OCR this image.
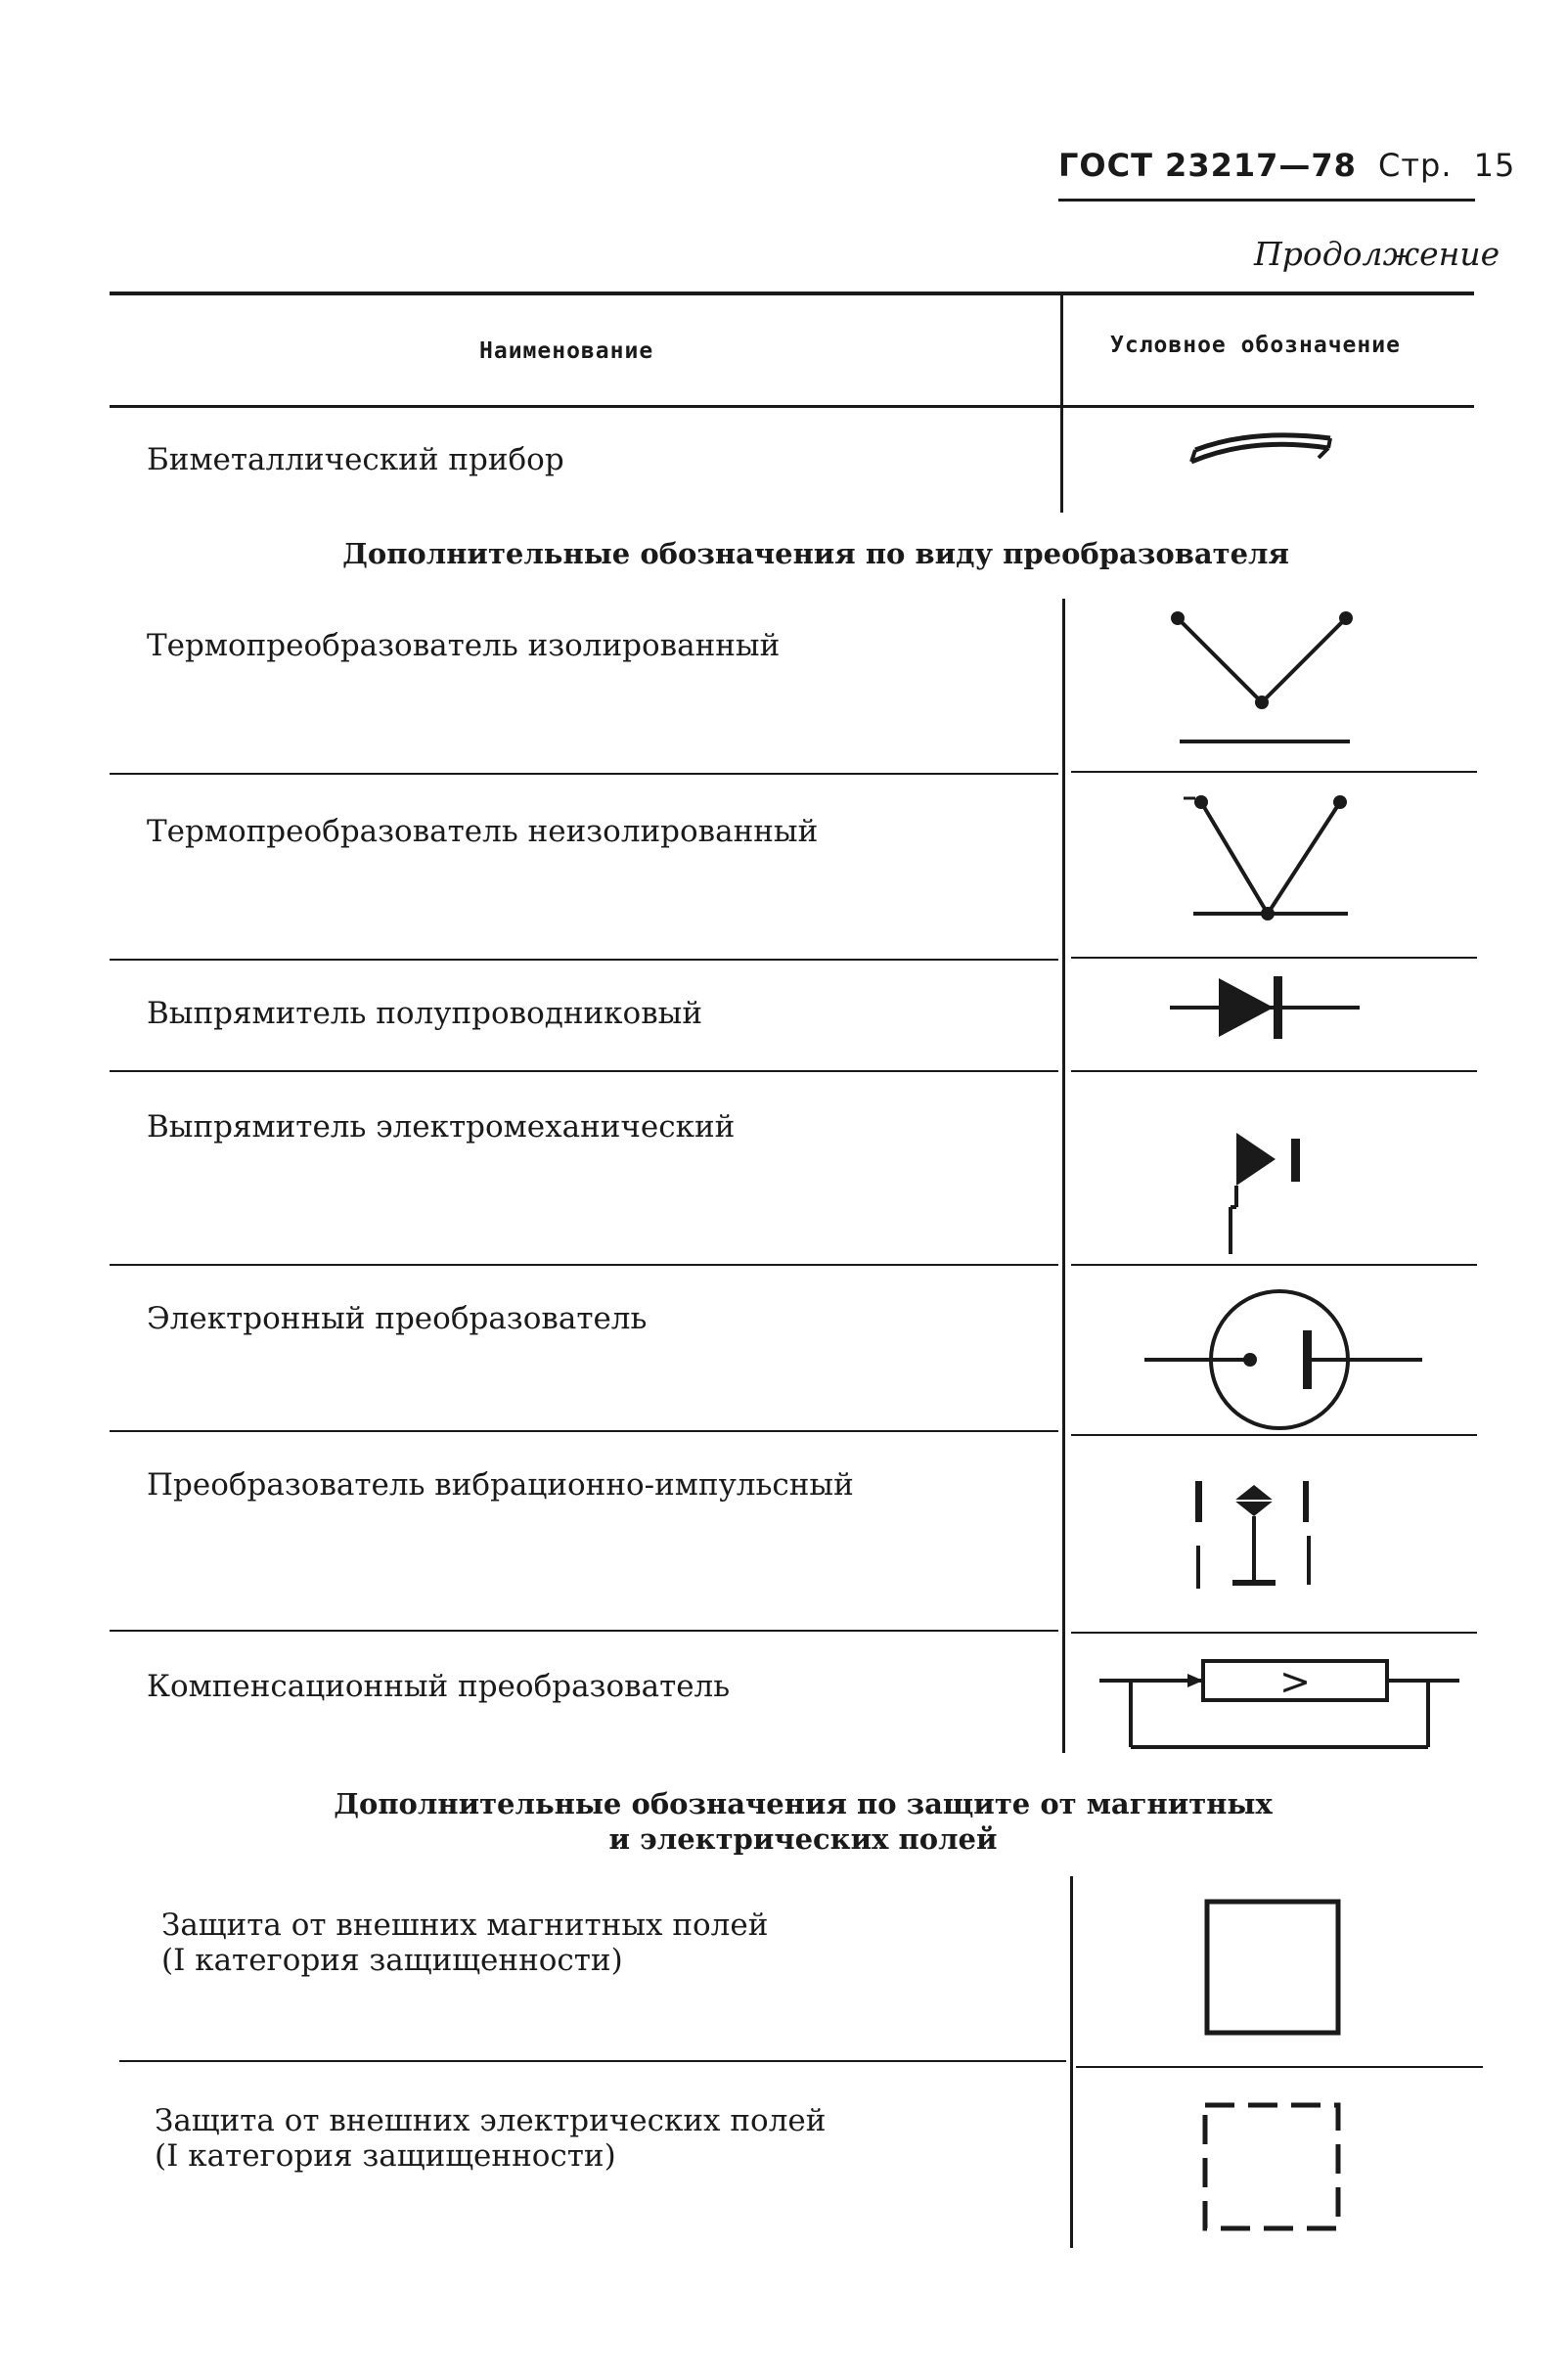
ГОСТ 23217—78 Стр. 15
Продолжение
Наименование	Условное обозначение
Биметаллический прибор
Дополнительные обозначения по виду преобразователя
Термопреобразователь изолированный
Термопреобразователь неизолированный
Выпрямитель полупроводниковый
Выпрямитель электромеханический
Электронный преобразователь
Преобразователь вибрационно-импульсный
Компенсационный преобразователь	>
Дополнительные обозначения по защите от магнитных
и электрических полей
Защита от внешних магнитных полей
(I категория защищенности)
Защита от внешних электрических полей
(I категория защищенности)
